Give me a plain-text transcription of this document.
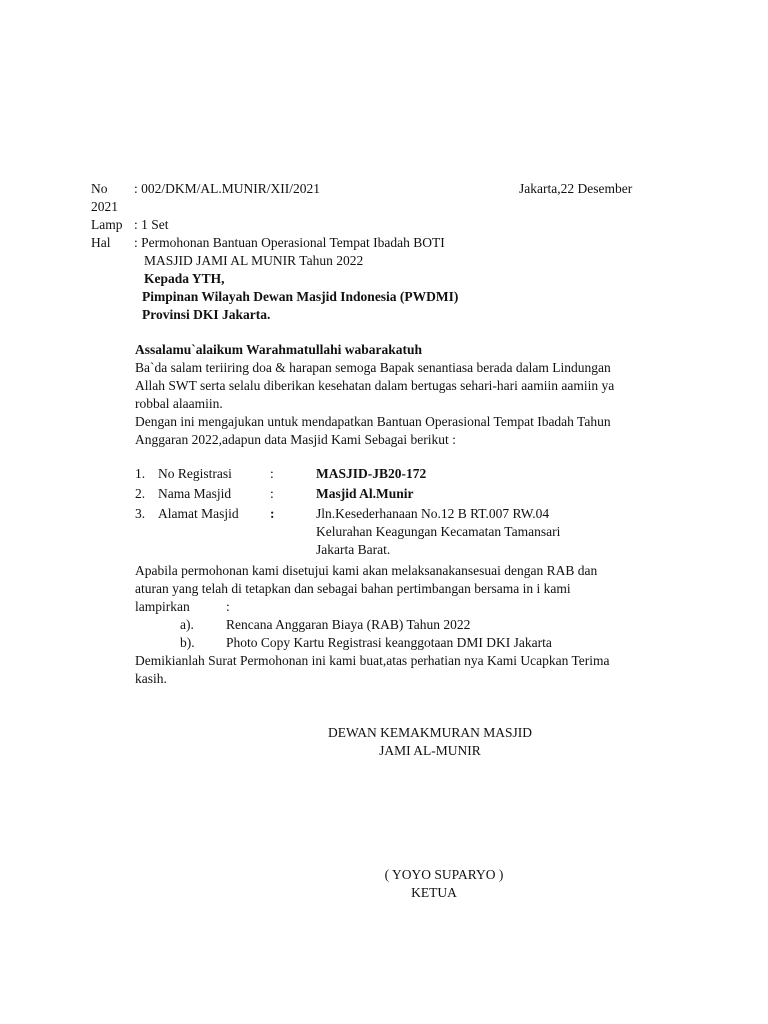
No : 002/DKM/AL.MUNIR/XII/2021	Jakarta,22 Desember
2021
Lamp : 1 Set
Hal : Permohonan Bantuan Operasional Tempat Ibadah BOTI
MASJID JAMI AL MUNIR Tahun 2022
Kepada YTH,
Pimpinan Wilayah Dewan Masjid Indonesia (PWDMI)
Provinsi DKI Jakarta.
Assalamu`alaikum Warahmatullahi wabarakatuh
Ba`da salam teriiring doa & harapan semoga Bapak senantiasa berada dalam Lindungan
Allah SWT serta selalu diberikan kesehatan dalam bertugas sehari-hari aamiin aamiin ya
robbal alaamiin.
Dengan ini mengajukan untuk mendapatkan Bantuan Operasional Tempat Ibadah Tahun
Anggaran 2022,adapun data Masjid Kami Sebagai berikut :
1. No Registrasi	:	MASJID-JB20-172
2. Nama Masjid	:	Masjid Al.Munir
3. Alamat Masjid :	Jln.Kesederhanaan No.12 B RT.007 RW.04
Kelurahan Keagungan Kecamatan Tamansari
Jakarta Barat.
Apabila permohonan kami disetujui kami akan melaksanakansesuai dengan RAB dan
aturan yang telah di tetapkan dan sebagai bahan pertimbangan bersama in i kami
lampirkan	:
a). Rencana Anggaran Biaya (RAB) Tahun 2022
b). Photo Copy Kartu Registrasi keanggotaan DMI DKI Jakarta
Demikianlah Surat Permohonan ini kami buat,atas perhatian nya Kami Ucapkan Terima
kasih.
DEWAN KEMAKMURAN MASJID
JAMI AL-MUNIR
( YOYO SUPARYO )
KETUA
